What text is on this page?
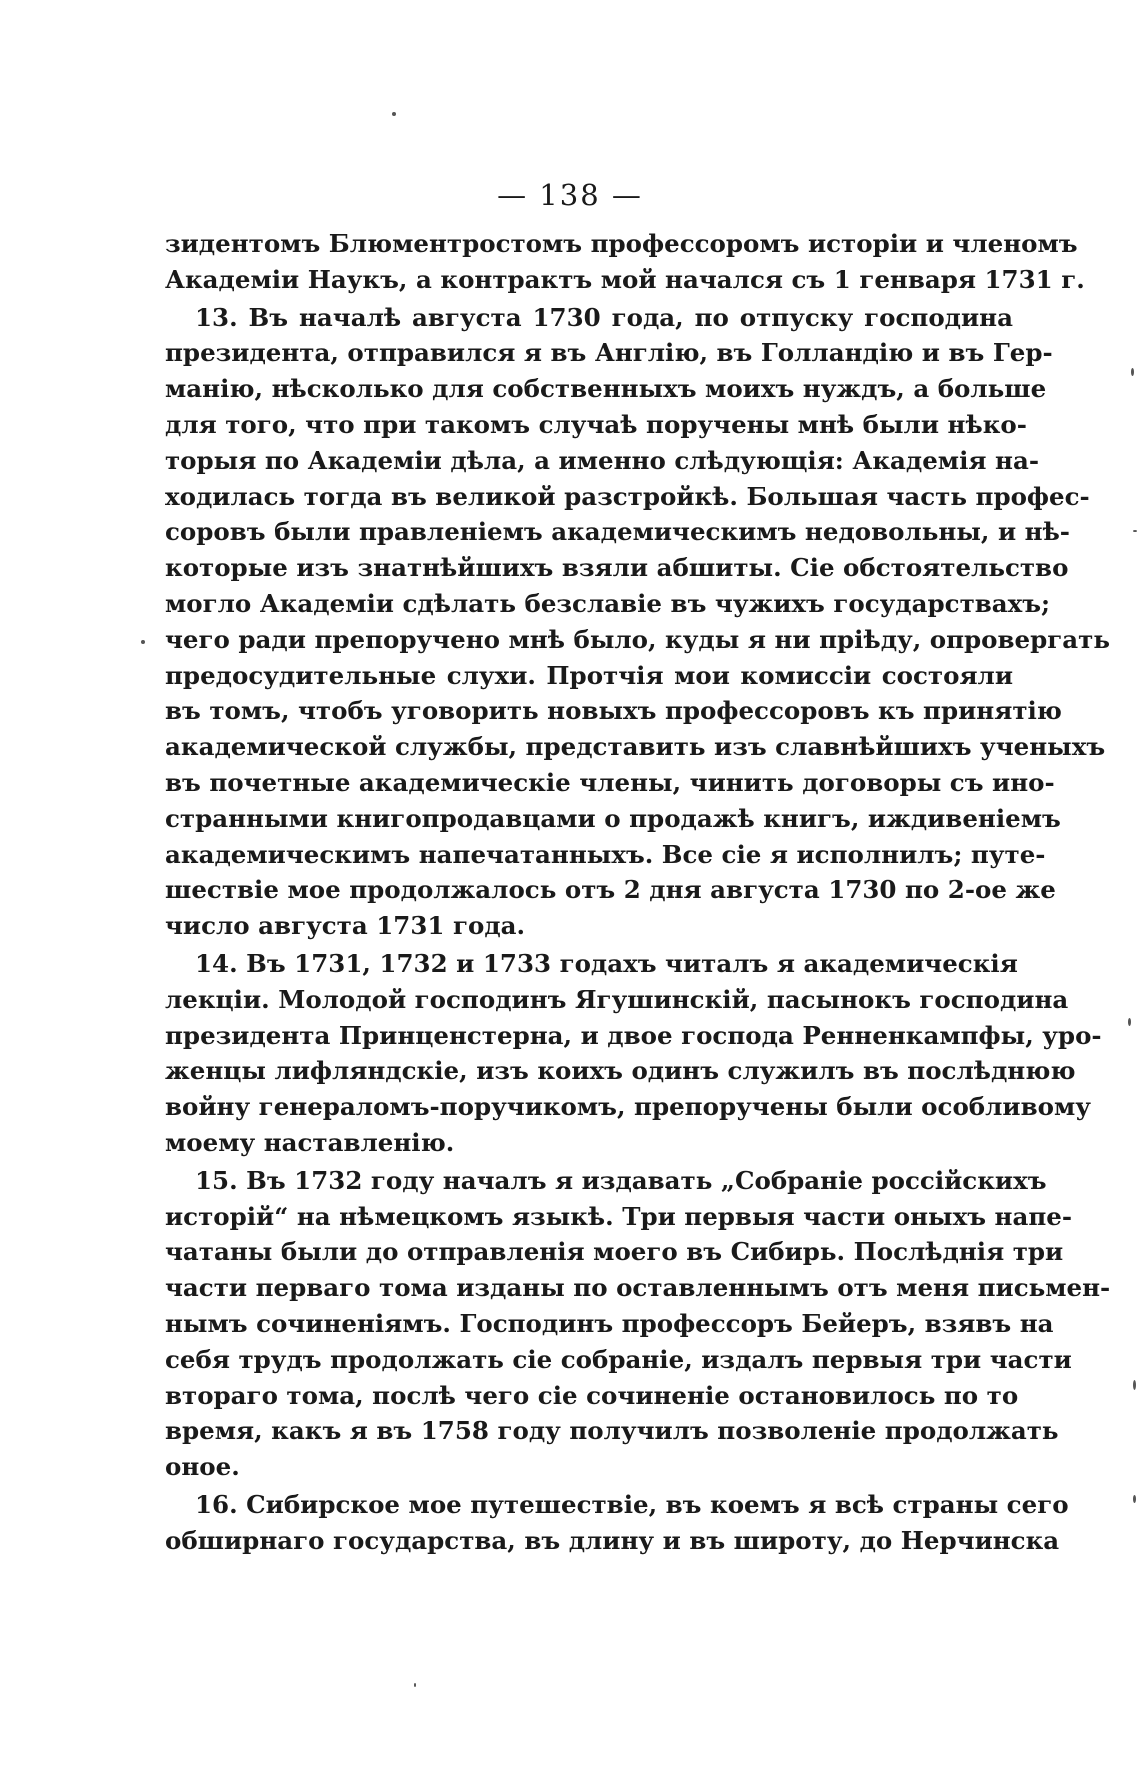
— 138 —

зидентомъ Блюментростомъ профессоромъ исторіи и членомъ
Академіи Наукъ, а контрактъ мой начался съ 1 генваря 1731 г.

13. Въ началѣ августа 1730 года, по отпуску господина
президента, отправился я въ Англію, въ Голландію и въ Гер-
манію, нѣсколько для собственныхъ моихъ нуждъ, а больше
для того, что при такомъ случаѣ поручены мнѣ были нѣко-
торыя по Академіи дѣла, а именно слѣдующія: Академія на-
ходилась тогда въ великой разстройкѣ. Большая часть профес-
соровъ были правленіемъ академическимъ недовольны, и нѣ-
которые изъ знатнѣйшихъ взяли абшиты. Сіе обстоятельство
могло Академіи сдѣлать безславіе въ чужихъ государствахъ;
чего ради препоручено мнѣ было, куды я ни пріѣду, опровергать
предосудительные слухи. Протчія мои комиссіи состояли
въ томъ, чтобъ уговорить новыхъ профессоровъ къ принятію
академической службы, представить изъ славнѣйшихъ ученыхъ
въ почетные академическіе члены, чинить договоры съ ино-
странными книгопродавцами о продажѣ книгъ, иждивеніемъ
академическимъ напечатанныхъ. Все сіе я исполнилъ; путе-
шествіе мое продолжалось отъ 2 дня августа 1730 по 2-ое же
число августа 1731 года.

14. Въ 1731, 1732 и 1733 годахъ читалъ я академическія
лекціи. Молодой господинъ Ягушинскій, пасынокъ господина
президента Принценстерна, и двое господа Ренненкампфы, уро-
женцы лифляндскіе, изъ коихъ одинъ служилъ въ послѣднюю
войну генераломъ-поручикомъ, препоручены были особливому
моему наставленію.

15. Въ 1732 году началъ я издавать „Собраніе россійскихъ
исторій“ на нѣмецкомъ языкѣ. Три первыя части оныхъ напе-
чатаны были до отправленія моего въ Сибирь. Послѣднія три
части перваго тома изданы по оставленнымъ отъ меня письмен-
нымъ сочиненіямъ. Господинъ профессоръ Бейеръ, взявъ на
себя трудъ продолжать сіе собраніе, издалъ первыя три части
втораго тома, послѣ чего сіе сочиненіе остановилось по то
время, какъ я въ 1758 году получилъ позволеніе продолжать
оное.

16. Сибирское мое путешествіе, въ коемъ я всѣ страны сего
обширнаго государства, въ длину и въ широту, до Нерчинска
